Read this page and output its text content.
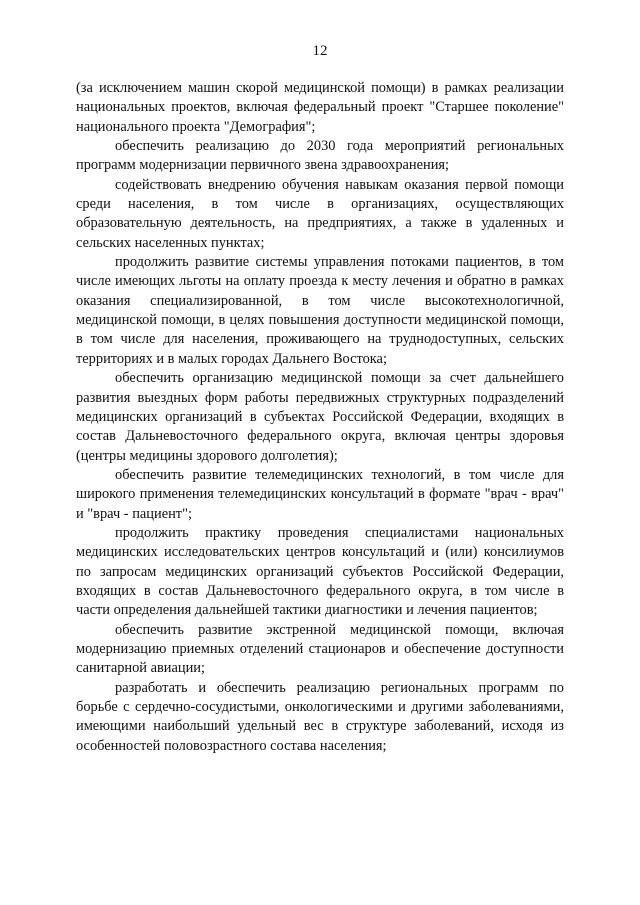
12

(за исключением машин скорой медицинской помощи) в рамках реализации национальных проектов, включая федеральный проект "Старшее поколение" национального проекта "Демография";

обеспечить реализацию до 2030 года мероприятий региональных программ модернизации первичного звена здравоохранения;

содействовать внедрению обучения навыкам оказания первой помощи среди населения, в том числе в организациях, осуществляющих образовательную деятельность, на предприятиях, а также в удаленных и сельских населенных пунктах;

продолжить развитие системы управления потоками пациентов, в том числе имеющих льготы на оплату проезда к месту лечения и обратно в рамках оказания специализированной, в том числе высокотехнологичной, медицинской помощи, в целях повышения доступности медицинской помощи, в том числе для населения, проживающего на труднодоступных, сельских территориях и в малых городах Дальнего Востока;

обеспечить организацию медицинской помощи за счет дальнейшего развития выездных форм работы передвижных структурных подразделений медицинских организаций в субъектах Российской Федерации, входящих в состав Дальневосточного федерального округа, включая центры здоровья (центры медицины здорового долголетия);

обеспечить развитие телемедицинских технологий, в том числе для широкого применения телемедицинских консультаций в формате "врач - врач" и "врач - пациент";

продолжить практику проведения специалистами национальных медицинских исследовательских центров консультаций и (или) консилиумов по запросам медицинских организаций субъектов Российской Федерации, входящих в состав Дальневосточного федерального округа, в том числе в части определения дальнейшей тактики диагностики и лечения пациентов;

обеспечить развитие экстренной медицинской помощи, включая модернизацию приемных отделений стационаров и обеспечение доступности санитарной авиации;

разработать и обеспечить реализацию региональных программ по борьбе с сердечно-сосудистыми, онкологическими и другими заболеваниями, имеющими наибольший удельный вес в структуре заболеваний, исходя из особенностей половозрастного состава населения;
